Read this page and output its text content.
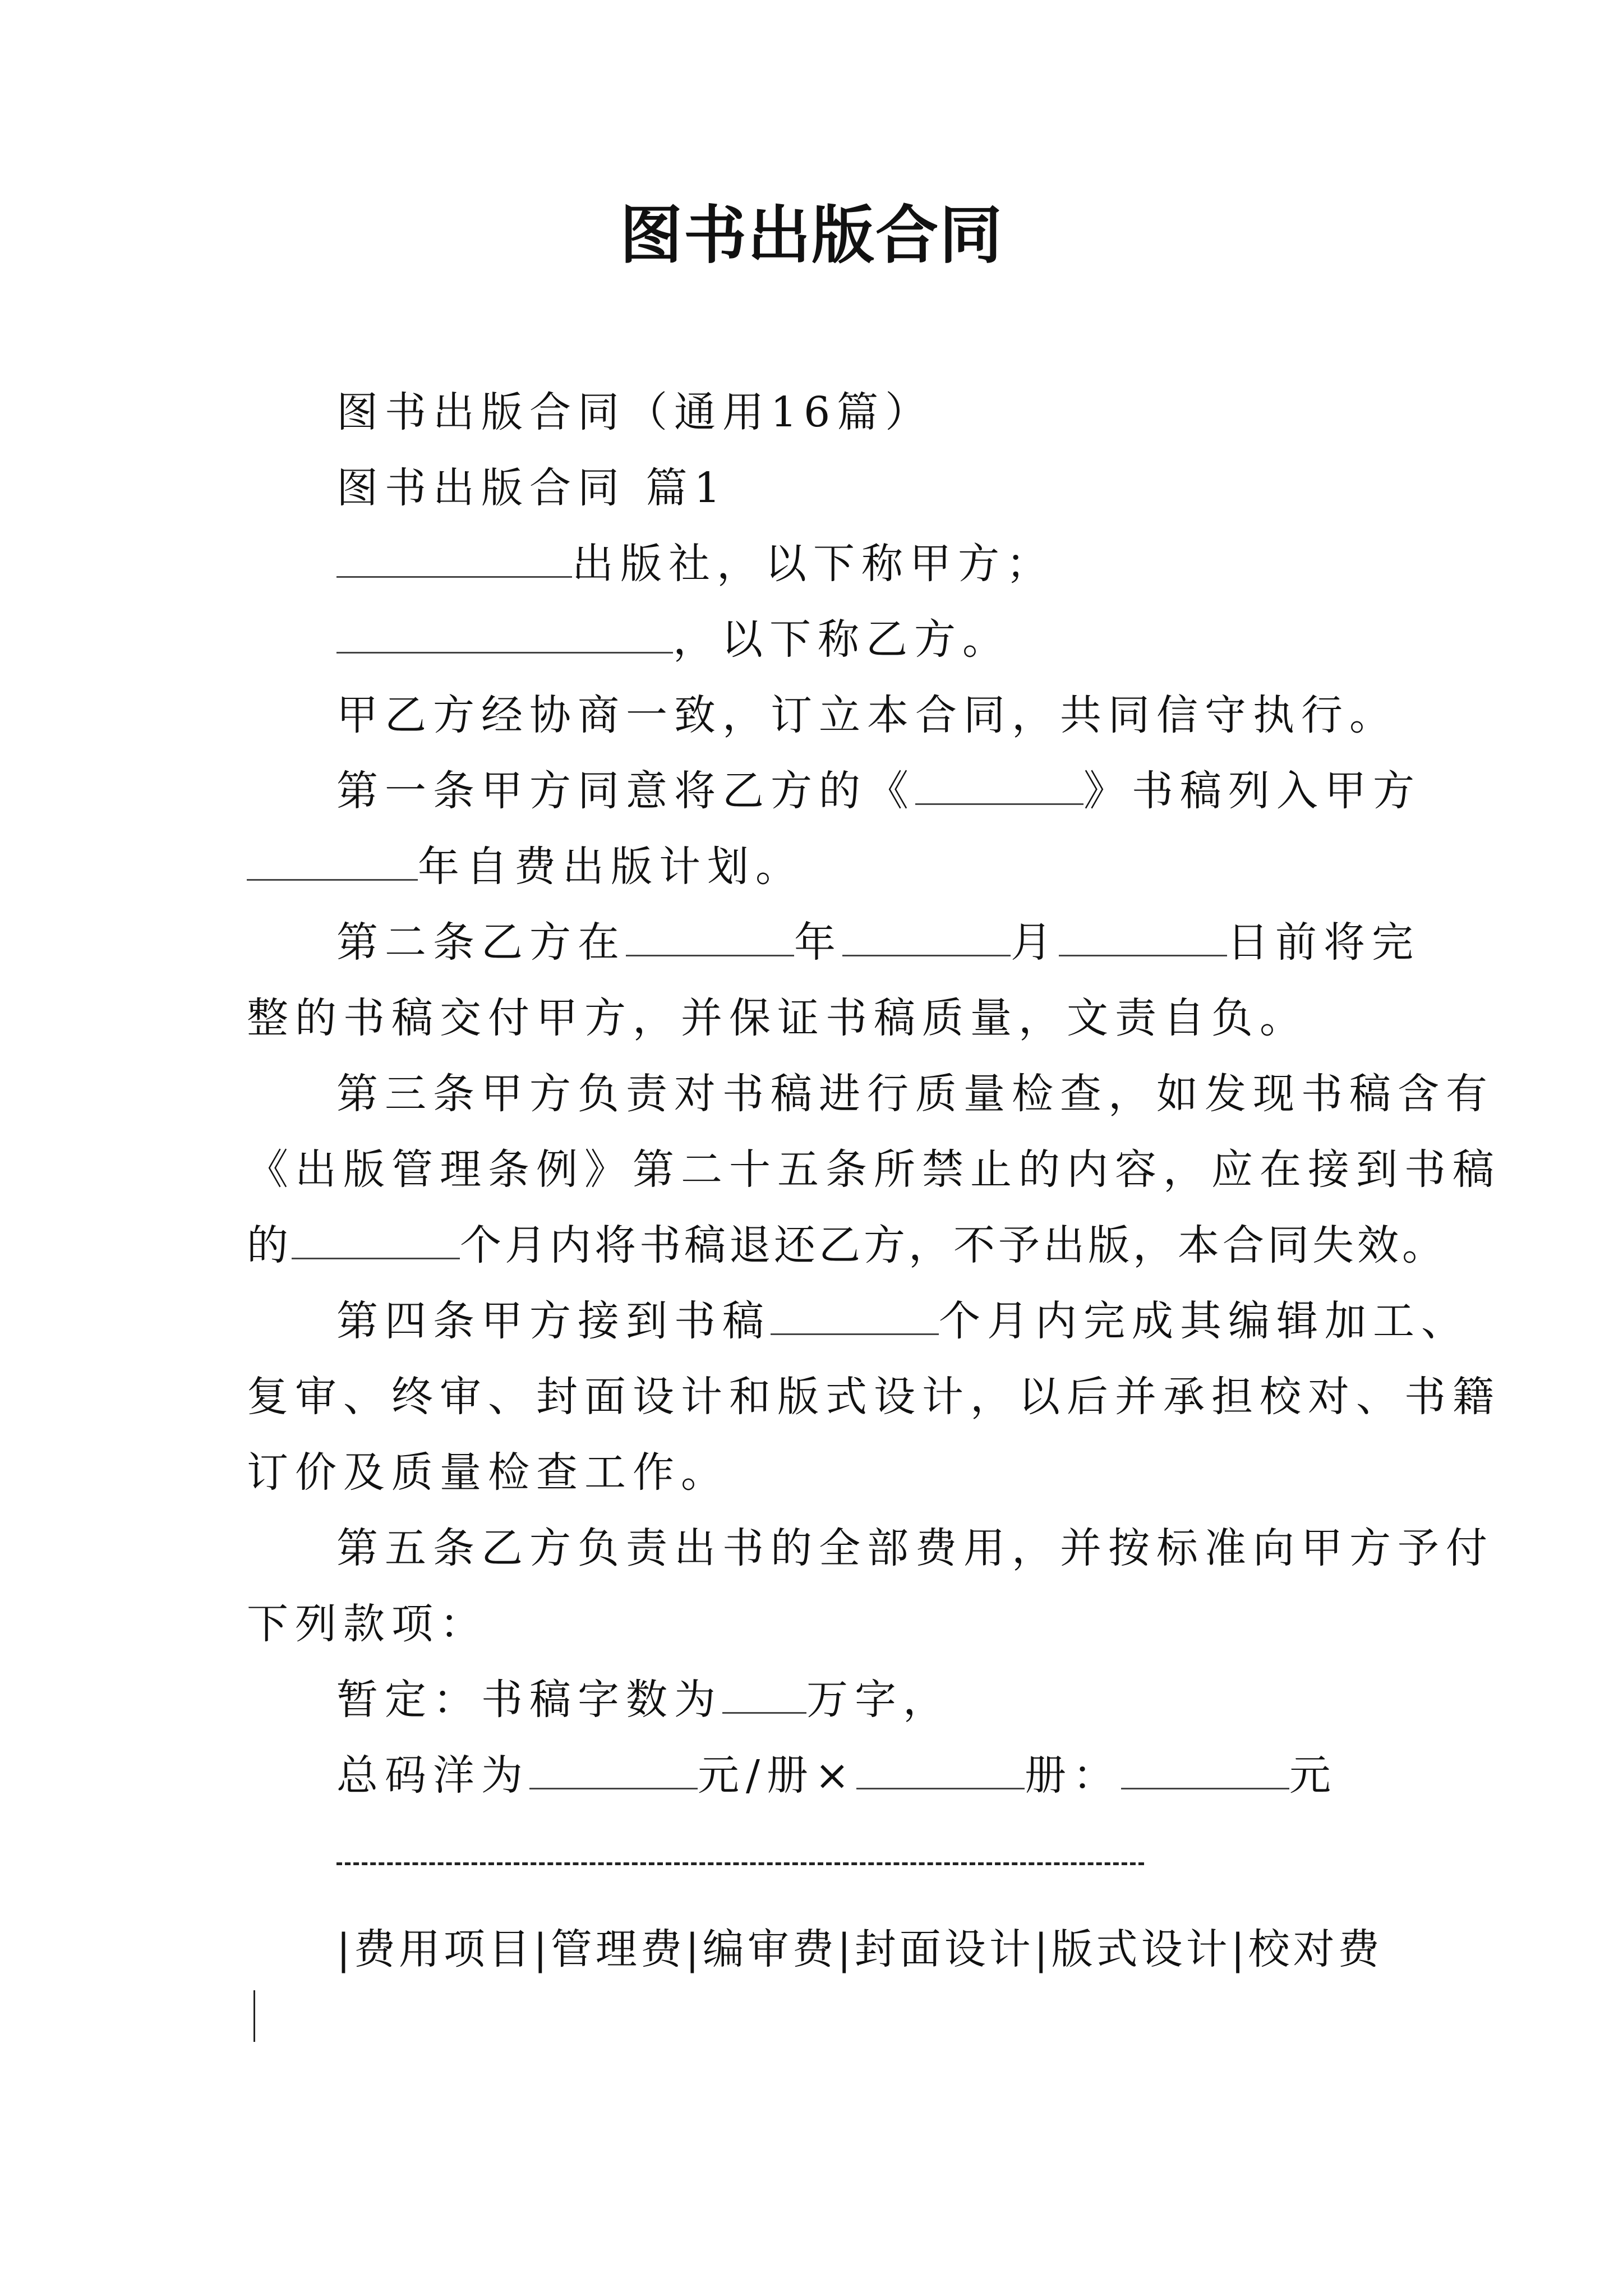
图书出版合同
图书出版合同（通用16篇）
图书出版合同 篇1
出版社，以下称甲方；
，以下称乙方。
甲乙方经协商一致，订立本合同，共同信守执行。
第一条甲方同意将乙方的《	》书稿列入甲方
年自费出版计划。
第二条乙方在	年	月	日前将完
整的书稿交付甲方，并保证书稿质量，文责自负。
第三条甲方负责对书稿进行质量检查，如发现书稿含有
《出版管理条例》第二十五条所禁止的内容，应在接到书稿
的	个月内将书稿退还乙方，不予出版，本合同失效。
第四条甲方接到书稿	个月内完成其编辑加工、
复审、终审、封面设计和版式设计，以后并承担校对、书籍
订价及质量检查工作。
第五条乙方负责出书的全部费用，并按标准向甲方予付
下列款项：
暂定：书稿字数为 万字，
总码洋为	元/册×	册：	元
|费用项目|管理费|编审费|封面设计|版式设计|校对费
